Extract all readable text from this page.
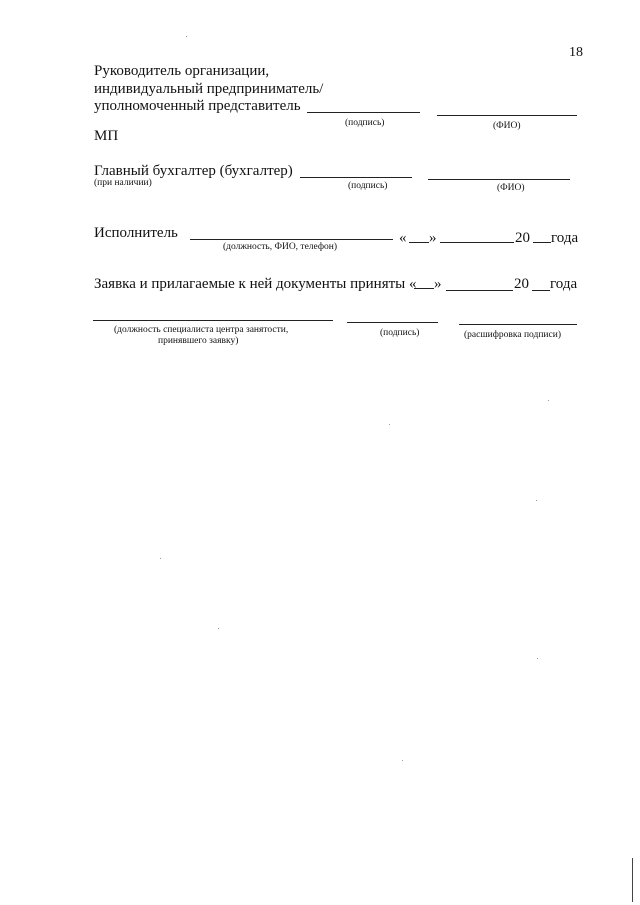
18
Руководитель организации,
индивидуальный предприниматель/
уполномоченный представитель
(подпись)	(ФИО)
МП
Главный бухгалтер (бухгалтер)
(при наличии)	(подпись)	(ФИО)
Исполнитель	« »	20 года
(должность, ФИО, телефон)
Заявка и прилагаемые к ней документы приняты « »	20 года
(должность специалиста центра занятости,
принявшего заявку)
(подпись)	(расшифровка подписи)
